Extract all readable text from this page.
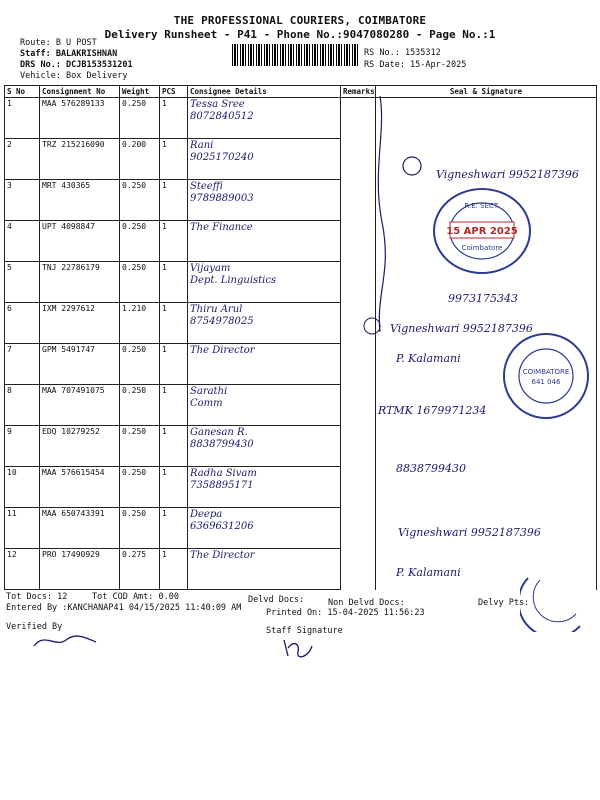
THE PROFESSIONAL COURIERS, COIMBATORE
Delivery Runsheet - P41 - Phone No.:9047080280 - Page No.:1
Route: B U POST
Staff: BALAKRISHNAN
DRS No.: DCJB153531201
Vehicle: Box Delivery
RS No.: 1535312
RS Date: 15-Apr-2025
S No	Consignment No	Weight	PCS	Consignee Details	Remarks	Seal & Signature
1	MAA 576289133	0.250	1	Tessa Sree
8072840512		

2	TRZ 215216090	0.200	1	Rani
9025170240		

3	MRT 430365	0.250	1	Steeffi
9789889003		

4	UPT 4098847	0.250	1	The Finance		

5	TNJ 22786179	0.250	1	Vijayam
Dept. Linguistics		

6	IXM 2297612	1.210	1	Thiru Arul
8754978025		

7	GPM 5491747	0.250	1	The Director		

8	MAA 707491075	0.250	1	Sarathi
Comm		

9	EDQ 10279252	0.250	1	Ganesan R.
8838799430		

10	MAA 576615454	0.250	1	Radha Sivam
7358895171		

11	MAA 650743391	0.250	1	Deepa
6369631206		

12	PRO 17490929	0.275	1	The Director		

Vigneshwari 9952187396
9973175343
Vigneshwari 9952187396
P. Kalamani
RTMK 1679971234
8838799430
Vigneshwari 9952187396
P. Kalamani
15 APR 2025
Coimbatore
R.E. SECT.
COIMBATORE
641 046
Tot Docs: 12	Tot COD Amt: 0.00	Delvd Docs:	Non Delvd Docs:	Delvy Pts:
Entered By :KANCHANAP41 04/15/2025 11:40:09 AM	Printed On: 15-04-2025 11:56:23
Verified By	Staff Signature
